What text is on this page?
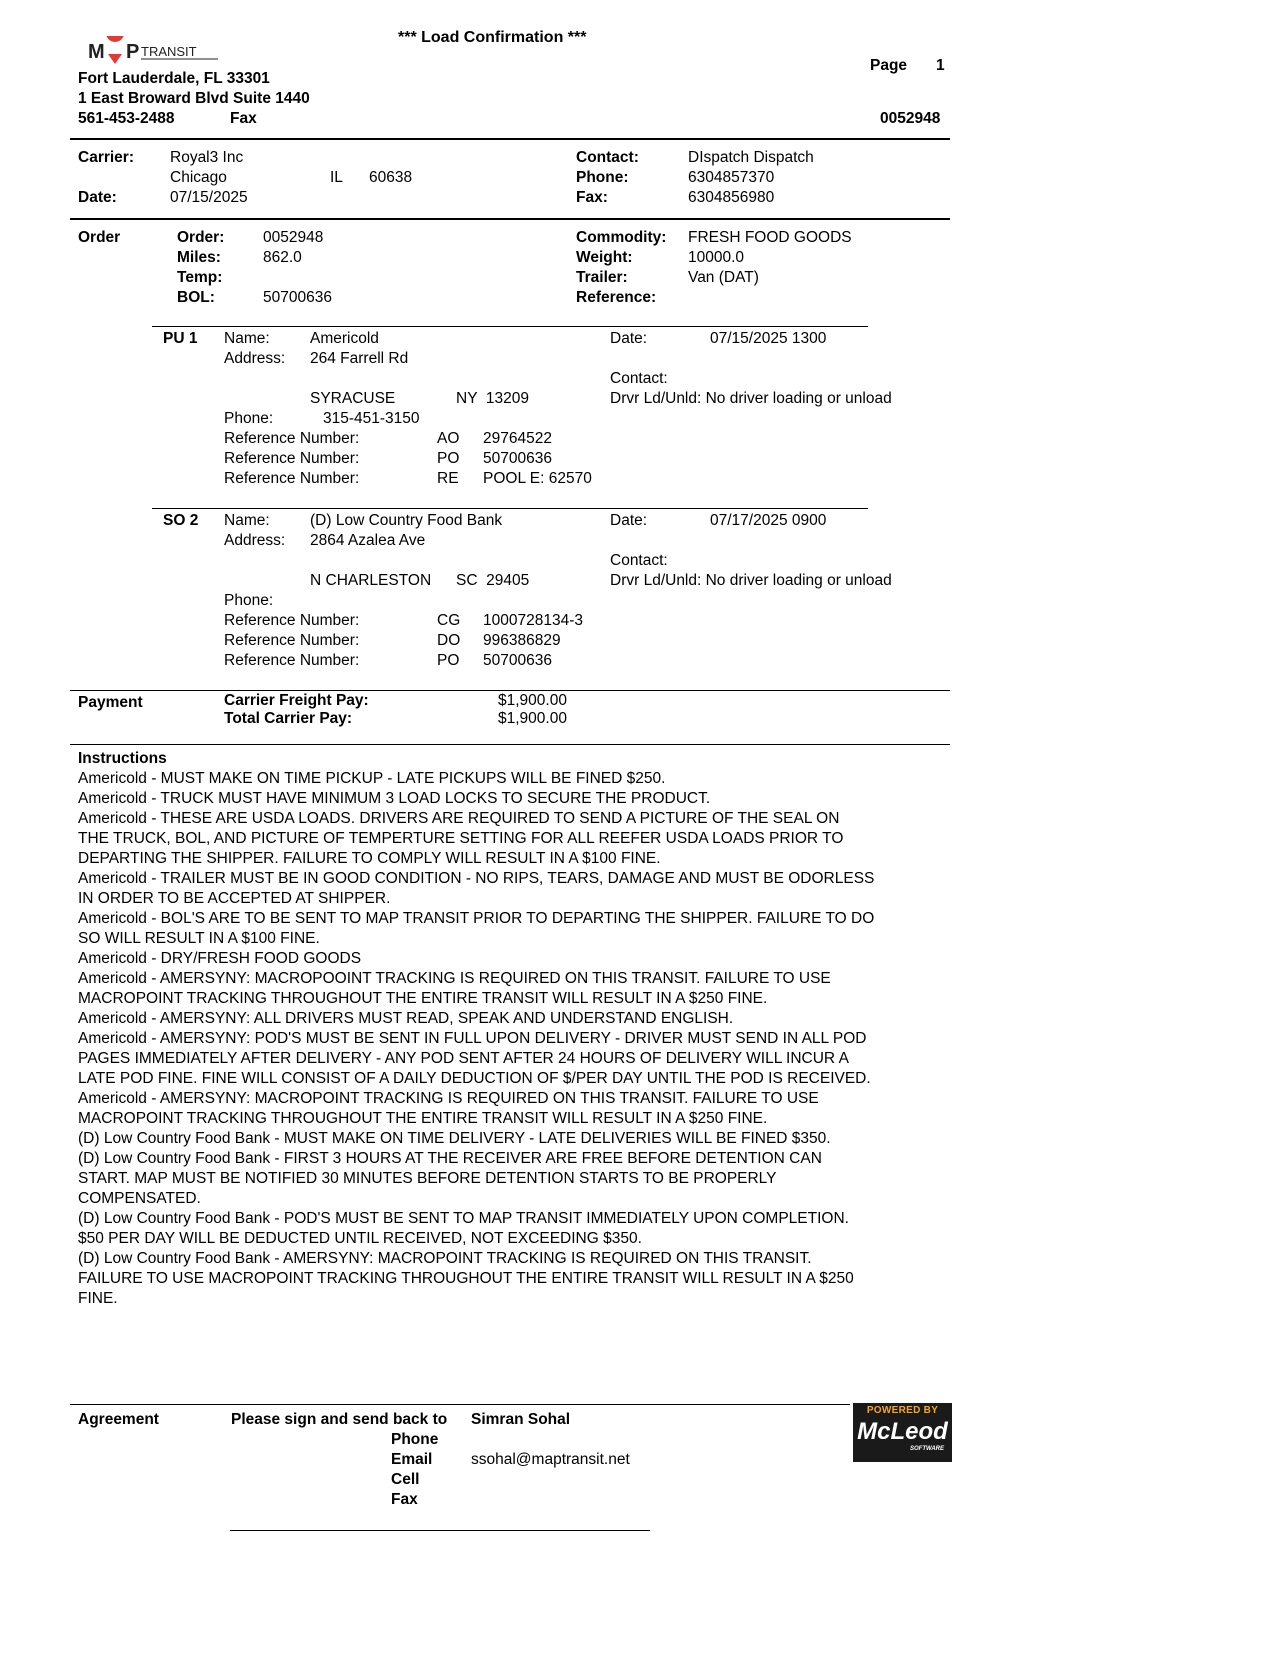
*** Load Confirmation ***
M P TRANSIT
Fort Lauderdale, FL 33301
1 East Broward Blvd Suite 1440
561-453-2488	Fax
Page 1
0052948
Carrier: Royal3 Inc
Chicago	IL 60638
Date:	07/15/2025
Contact:	DIspatch Dispatch
Phone:	6304857370
Fax:	6304856980
Order	Order: 0052948
Miles:	862.0
Temp:
BOL:	50700636
Commodity: FRESH FOOD GOODS
Weight:	10000.0
Trailer:	Van (DAT)
Reference:
PU 1 Name:	Americold
Address: 264 Farrell Rd
SYRACUSE	NY  13209
Phone:	315-451-3150
Reference Number:	AO 29764522
Reference Number:	PO 50700636
Reference Number:	RE POOL E: 62570
Date:	07/15/2025 1300
Contact:
Drvr Ld/Unld: No driver loading or unload
SO 2 Name:	(D) Low Country Food Bank
Address: 2864 Azalea Ave
N CHARLESTON SC  29405
Phone:
Reference Number:	CG 1000728134-3
Reference Number:	DO 996386829
Reference Number:	PO 50700636
Date:	07/17/2025 0900
Contact:
Drvr Ld/Unld: No driver loading or unload
Payment	Carrier Freight Pay:	$1,900.00
Total Carrier Pay:	$1,900.00
Instructions
Americold - MUST MAKE ON TIME PICKUP - LATE PICKUPS WILL BE FINED $250.
Americold - TRUCK MUST HAVE MINIMUM 3 LOAD LOCKS TO SECURE THE PRODUCT.
Americold - THESE ARE USDA LOADS. DRIVERS ARE REQUIRED TO SEND A PICTURE OF THE SEAL ON
THE TRUCK, BOL, AND PICTURE OF TEMPERTURE SETTING FOR ALL REEFER USDA LOADS PRIOR TO
DEPARTING THE SHIPPER. FAILURE TO COMPLY WILL RESULT IN A $100 FINE.
Americold - TRAILER MUST BE IN GOOD CONDITION - NO RIPS, TEARS, DAMAGE AND MUST BE ODORLESS
IN ORDER TO BE ACCEPTED AT SHIPPER.
Americold - BOL'S ARE TO BE SENT TO MAP TRANSIT PRIOR TO DEPARTING THE SHIPPER. FAILURE TO DO
SO WILL RESULT IN A $100 FINE.
Americold - DRY/FRESH FOOD GOODS
Americold - AMERSYNY: MACROPOOINT TRACKING IS REQUIRED ON THIS TRANSIT. FAILURE TO USE
MACROPOINT TRACKING THROUGHOUT THE ENTIRE TRANSIT WILL RESULT IN A $250 FINE.
Americold - AMERSYNY: ALL DRIVERS MUST READ, SPEAK AND UNDERSTAND ENGLISH.
Americold - AMERSYNY: POD'S MUST BE SENT IN FULL UPON DELIVERY - DRIVER MUST SEND IN ALL POD
PAGES IMMEDIATELY AFTER DELIVERY - ANY POD SENT AFTER 24 HOURS OF DELIVERY WILL INCUR A
LATE POD FINE. FINE WILL CONSIST OF A DAILY DEDUCTION OF $/PER DAY UNTIL THE POD IS RECEIVED.
Americold - AMERSYNY: MACROPOINT TRACKING IS REQUIRED ON THIS TRANSIT. FAILURE TO USE
MACROPOINT TRACKING THROUGHOUT THE ENTIRE TRANSIT WILL RESULT IN A $250 FINE.
(D) Low Country Food Bank - MUST MAKE ON TIME DELIVERY - LATE DELIVERIES WILL BE FINED $350.
(D) Low Country Food Bank - FIRST 3 HOURS AT THE RECEIVER ARE FREE BEFORE DETENTION CAN
START. MAP MUST BE NOTIFIED 30 MINUTES BEFORE DETENTION STARTS TO BE PROPERLY
COMPENSATED.
(D) Low Country Food Bank - POD'S MUST BE SENT TO MAP TRANSIT IMMEDIATELY UPON COMPLETION.
$50 PER DAY WILL BE DEDUCTED UNTIL RECEIVED, NOT EXCEEDING $350.
(D) Low Country Food Bank - AMERSYNY: MACROPOINT TRACKING IS REQUIRED ON THIS TRANSIT.
FAILURE TO USE MACROPOINT TRACKING THROUGHOUT THE ENTIRE TRANSIT WILL RESULT IN A $250
FINE.
Agreement	Please sign and send back to Simran Sohal
Phone
Email ssohal@maptransit.net
Cell
Fax
POWERED BY
McLeod
SOFTWARE
